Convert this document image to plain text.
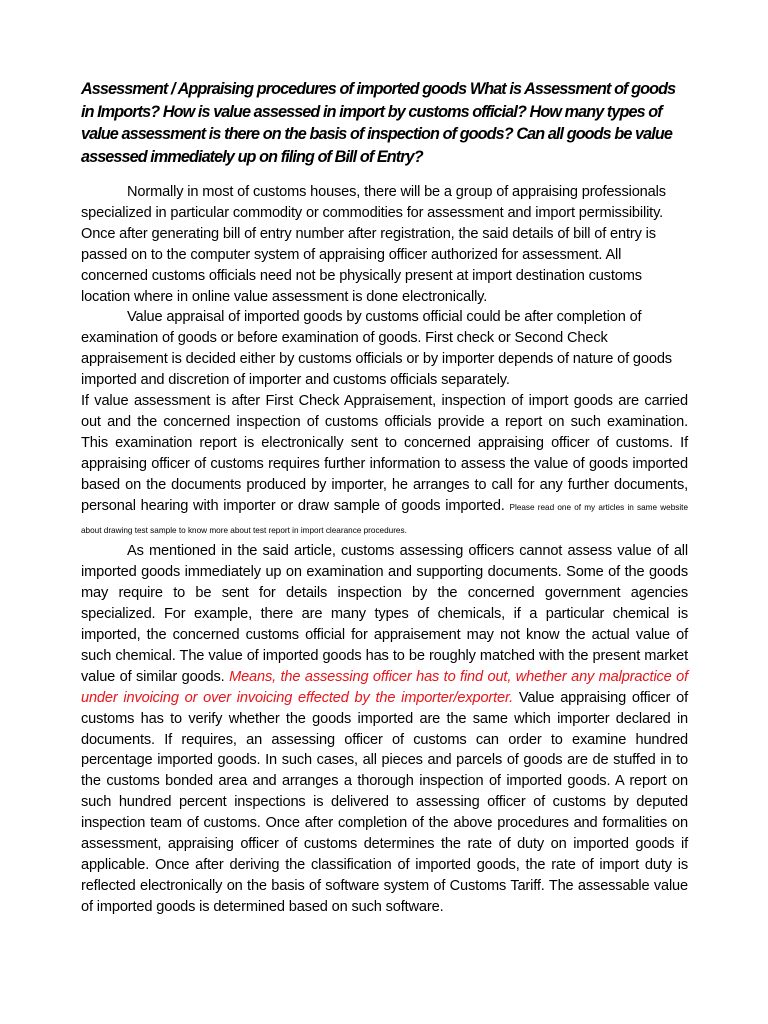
Assessment / Appraising procedures of imported goods What is Assessment of goods in Imports? How is value assessed in import by customs official? How many types of value assessment is there on the basis of inspection of goods? Can all goods be value assessed immediately up on filing of Bill of Entry?

Normally in most of customs houses, there will be a group of appraising professionals specialized in particular commodity or commodities for assessment and import permissibility. Once after generating bill of entry number after registration, the said details of bill of entry is passed on to the computer system of appraising officer authorized for assessment. All concerned customs officials need not be physically present at import destination customs location where in online value assessment is done electronically.

Value appraisal of imported goods by customs official could be after completion of examination of goods or before examination of goods. First check or Second Check appraisement is decided either by customs officials or by importer depends of nature of goods imported and discretion of importer and customs officials separately.

If value assessment is after First Check Appraisement, inspection of import goods are carried out and the concerned inspection of customs officials provide a report on such examination. This examination report is electronically sent to concerned appraising officer of customs. If appraising officer of customs requires further information to assess the value of goods imported based on the documents produced by importer, he arranges to call for any further documents, personal hearing with importer or draw sample of goods imported. Please read one of my articles in same website about drawing test sample to know more about test report in import clearance procedures.

As mentioned in the said article, customs assessing officers cannot assess value of all imported goods immediately up on examination and supporting documents. Some of the goods may require to be sent for details inspection by the concerned government agencies specialized. For example, there are many types of chemicals, if a particular chemical is imported, the concerned customs official for appraisement may not know the actual value of such chemical. The value of imported goods has to be roughly matched with the present market value of similar goods. Means, the assessing officer has to find out, whether any malpractice of under invoicing or over invoicing effected by the importer/exporter. Value appraising officer of customs has to verify whether the goods imported are the same which importer declared in documents. If requires, an assessing officer of customs can order to examine hundred percentage imported goods. In such cases, all pieces and parcels of goods are de stuffed in to the customs bonded area and arranges a thorough inspection of imported goods. A report on such hundred percent inspections is delivered to assessing officer of customs by deputed inspection team of customs. Once after completion of the above procedures and formalities on assessment, appraising officer of customs determines the rate of duty on imported goods if applicable. Once after deriving the classification of imported goods, the rate of import duty is reflected electronically on the basis of software system of Customs Tariff. The assessable value of imported goods is determined based on such software.
